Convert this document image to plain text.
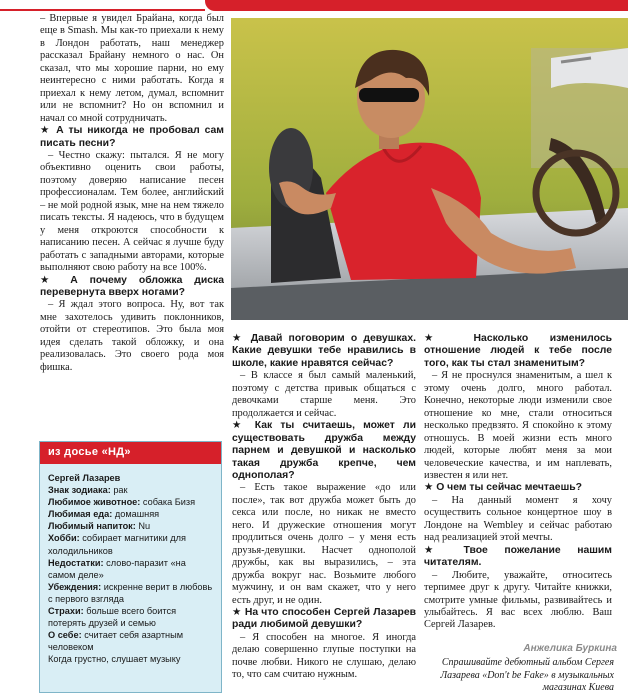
– Впервые я увидел Брайана, когда был еще в Smash. Мы как-то приехали к нему в Лондон работать, наш менеджер рассказал Брайану немного о нас. Он сказал, что мы хорошие парни, но ему неинтересно с ними работать. Когда я приехал к нему летом, думал, вспомнит или не вспомнит? Но он вспомнил и начал со мной сотрудничать.

★ А ты никогда не пробовал сам писать песни?

– Честно скажу: пытался. Я не могу объективно оценить свои работы, поэтому доверяю написание песен профессионалам. Тем более, английский – не мой родной язык, мне на нем тяжело писать тексты. Я надеюсь, что в будущем у меня откроются способности к написанию песен. А сейчас я лучше буду работать с западными авторами, которые выполняют свою работу на все 100%.

★ А почему обложка диска перевернута вверх ногами?

– Я ждал этого вопроса. Ну, вот так мне захотелось удивить поклонников, отойти от стереотипов. Это была моя идея сделать такой обложку, и она реализовалась. Это своего рода моя фишка.

★ Давай поговорим о девушках. Какие девушки тебе нравились в школе, какие нравятся сейчас?

– В классе я был самый маленький, поэтому с детства привык общаться с девочками старше меня. Это продолжается и сейчас.

★ Как ты считаешь, может ли существовать дружба между парнем и девушкой и насколько такая дружба крепче, чем однополая?

– Есть такое выражение «до или после», так вот дружба может быть до секса или после, но никак не вместо него. И дружеские отношения могут продлиться очень долго – у меня есть друзья-девушки. Насчет однополой дружбы, как вы выразились, – эта дружба вокруг нас. Возьмите любого мужчину, и он вам скажет, что у него есть друг, и не один.

★ На что способен Сергей Лазарев ради любимой девушки?

– Я способен на многое. Я иногда делаю совершенно глупые поступки на почве любви. Никого не слушаю, делаю то, что сам считаю нужным.

★ Насколько изменилось отношение людей к тебе после того, как ты стал знаменитым?

– Я не проснулся знаменитым, а шел к этому очень долго, много работал. Конечно, некоторые люди изменили свое отношение ко мне, стали относиться несколько предвзято. Я спокойно к этому отношусь. В моей жизни есть много людей, которые любят меня за мои человеческие качества, и им наплевать, известен я или нет.

★ О чем ты сейчас мечтаешь?

– На данный момент я хочу осуществить сольное концертное шоу в Лондоне на Wembley и сейчас работаю над реализацией этой мечты.

★ Твое пожелание нашим читателям.

– Любите, уважайте, относитесь терпимее друг к другу. Читайте книжки, смотрите умные фильмы, развивайтесь и улыбайтесь. Я вас всех люблю. Ваш Сергей Лазарев.

из досье «НД»

Сергей Лазарев

Знак зодиака: рак

Любимое животное: собака Бизя

Любимая еда: домашняя

Любимый напиток: Nu

Хобби: собирает магнитики для холодильников

Недостатки: слово-паразит «на самом деле»

Убеждения: искренне верит в любовь с первого взгляда

Страхи: больше всего боится потерять друзей и семью

О себе: считает себя азартным человеком

Когда грустно, слушает музыку

Анжелика Буркина
Спрашивайте дебютный альбом Сергея Лазарева «Don't be Fake» в музыкальных магазинах Киева
